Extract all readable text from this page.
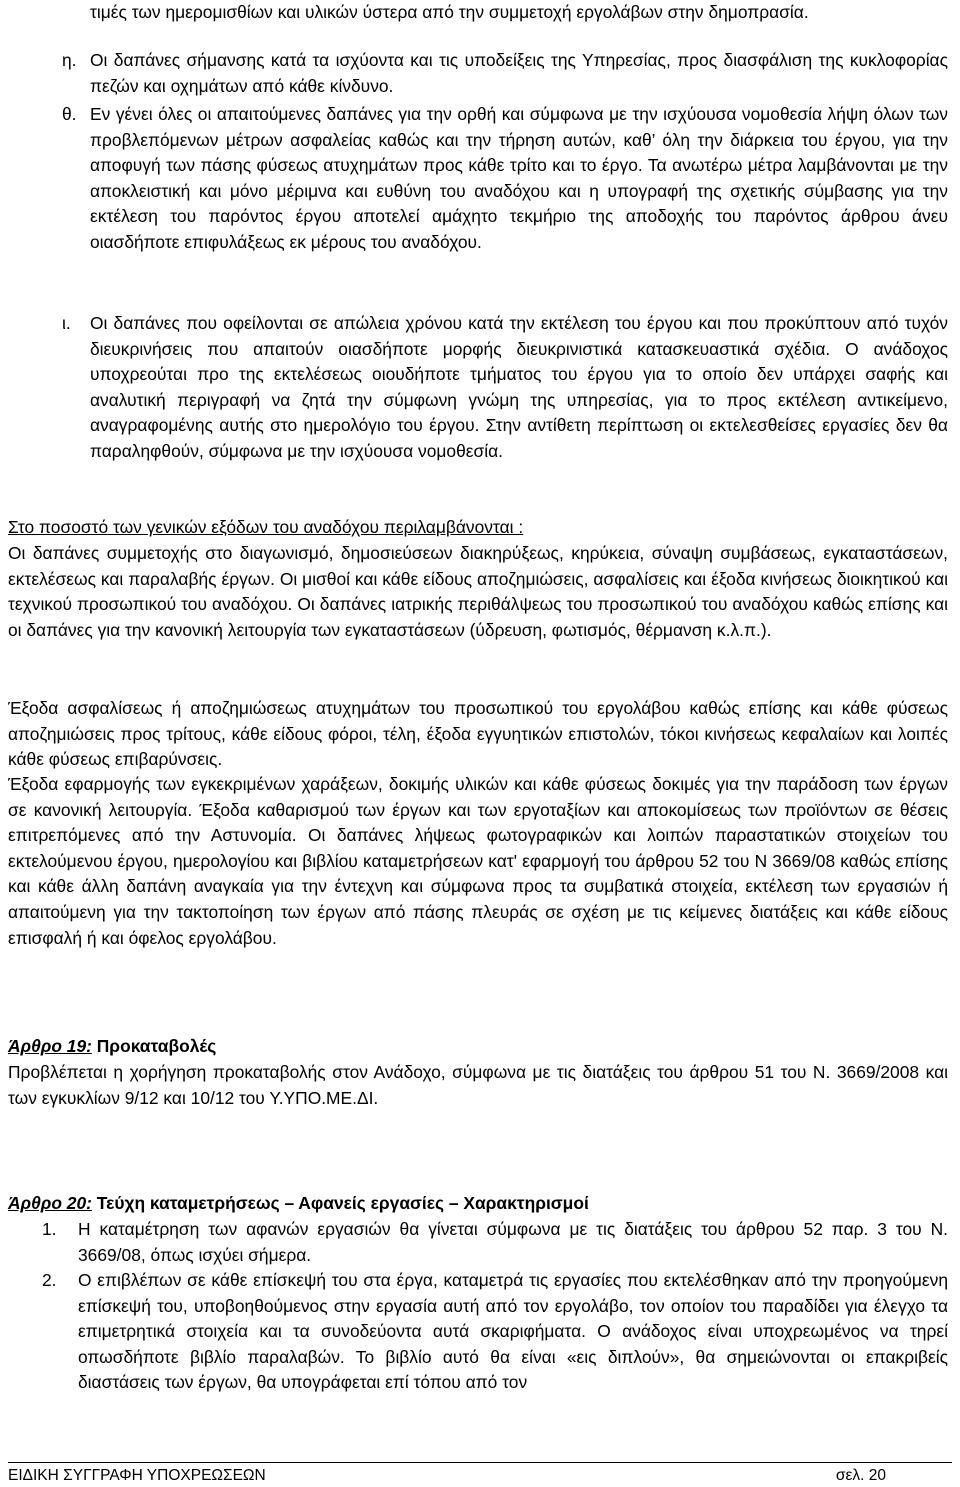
τιμές των ημερομισθίων και υλικών ύστερα από την συμμετοχή εργολάβων στην δημοπρασία.

η. Οι δαπάνες σήμανσης κατά τα ισχύοντα και τις υποδείξεις της Υπηρεσίας, προς διασφάλιση της κυκλοφορίας πεζών και οχημάτων από κάθε κίνδυνο.

θ. Εν γένει όλες οι απαιτούμενες δαπάνες για την ορθή και σύμφωνα με την ισχύουσα νομοθεσία λήψη όλων των προβλεπόμενων μέτρων ασφαλείας καθώς και την τήρηση αυτών, καθ’ όλη την διάρκεια του έργου, για την αποφυγή των πάσης φύσεως ατυχημάτων προς κάθε τρίτο και το έργο. Τα ανωτέρω μέτρα λαμβάνονται με την αποκλειστική και μόνο μέριμνα και ευθύνη του αναδόχου και η υπογραφή της σχετικής σύμβασης για την εκτέλεση του παρόντος έργου αποτελεί αμάχητο τεκμήριο της αποδοχής του παρόντος άρθρου άνευ οιασδήποτε επιφυλάξεως εκ μέρους του αναδόχου.

ι. Οι δαπάνες που οφείλονται σε απώλεια χρόνου κατά την εκτέλεση του έργου και που προκύπτουν από τυχόν διευκρινήσεις που απαιτούν οιασδήποτε μορφής διευκρινιστικά κατασκευαστικά σχέδια. Ο ανάδοχος υποχρεούται προ της εκτελέσεως οιουδήποτε τμήματος του έργου για το οποίο δεν υπάρχει σαφής και αναλυτική περιγραφή να ζητά την σύμφωνη γνώμη της υπηρεσίας, για το προς εκτέλεση αντικείμενο, αναγραφομένης αυτής στο ημερολόγιο του έργου. Στην αντίθετη περίπτωση οι εκτελεσθείσες εργασίες δεν θα παραληφθούν, σύμφωνα με την ισχύουσα νομοθεσία.

Στο ποσοστό των γενικών εξόδων του αναδόχου περιλαμβάνονται :

Οι δαπάνες συμμετοχής στο διαγωνισμό, δημοσιεύσεων διακηρύξεως, κηρύκεια, σύναψη συμβάσεως, εγκαταστάσεων, εκτελέσεως και παραλαβής έργων. Οι μισθοί και κάθε είδους αποζημιώσεις, ασφαλίσεις και έξοδα κινήσεως διοικητικού και τεχνικού προσωπικού του αναδόχου. Οι δαπάνες ιατρικής περιθάλψεως του προσωπικού του αναδόχου καθώς επίσης και οι δαπάνες για την κανονική λειτουργία των εγκαταστάσεων (ύδρευση, φωτισμός, θέρμανση κ.λ.π.).

Έξοδα ασφαλίσεως ή αποζημιώσεως ατυχημάτων του προσωπικού του εργολάβου καθώς επίσης και κάθε φύσεως αποζημιώσεις προς τρίτους, κάθε είδους φόροι, τέλη, έξοδα εγγυητικών επιστολών, τόκοι κινήσεως κεφαλαίων και λοιπές κάθε φύσεως επιβαρύνσεις.

Έξοδα εφαρμογής των εγκεκριμένων χαράξεων, δοκιμής υλικών και κάθε φύσεως δοκιμές για την παράδοση των έργων σε κανονική λειτουργία. Έξοδα καθαρισμού των έργων και των εργοταξίων και αποκομίσεως των προϊόντων σε θέσεις επιτρεπόμενες από την Αστυνομία. Οι δαπάνες λήψεως φωτογραφικών και λοιπών παραστατικών στοιχείων του εκτελούμενου έργου, ημερολογίου και βιβλίου καταμετρήσεων κατ' εφαρμογή του άρθρου 52 του Ν 3669/08 καθώς επίσης και κάθε άλλη δαπάνη αναγκαία για την έντεχνη και σύμφωνα προς τα συμβατικά στοιχεία, εκτέλεση των εργασιών ή απαιτούμενη για την τακτοποίηση των έργων από πάσης πλευράς σε σχέση με τις κείμενες διατάξεις και κάθε είδους επισφαλή ή και όφελος εργολάβου.

Άρθρο 19: Προκαταβολές

Προβλέπεται η χορήγηση προκαταβολής στον Ανάδοχο, σύμφωνα με τις διατάξεις του άρθρου 51 του Ν. 3669/2008 και των εγκυκλίων 9/12 και 10/12 του Υ.ΥΠΟ.ΜΕ.ΔΙ.

Άρθρο 20: Τεύχη καταμετρήσεως – Αφανείς εργασίες – Χαρακτηρισμοί
1. Η καταμέτρηση των αφανών εργασιών θα γίνεται σύμφωνα με τις διατάξεις του άρθρου 52 παρ. 3 του Ν. 3669/08, όπως ισχύει σήμερα.

2. Ο επιβλέπων σε κάθε επίσκεψή του στα έργα, καταμετρά τις εργασίες που εκτελέσθηκαν από την προηγούμενη επίσκεψή του, υποβοηθούμενος στην εργασία αυτή από τον εργολάβο, τον οποίον του παραδίδει για έλεγχο τα επιμετρητικά στοιχεία και τα συνοδεύοντα αυτά σκαριφήματα. Ο ανάδοχος είναι υποχρεωμένος να τηρεί οπωσδήποτε βιβλίο παραλαβών. Το βιβλίο αυτό θα είναι «εις διπλούν», θα σημειώνονται οι επακριβείς διαστάσεις των έργων, θα υπογράφεται επί τόπου από τον

ΕΙΔΙΚΗ ΣΥΓΓΡΑΦΗ ΥΠΟΧΡΕΩΣΕΩΝ	σελ. 20
